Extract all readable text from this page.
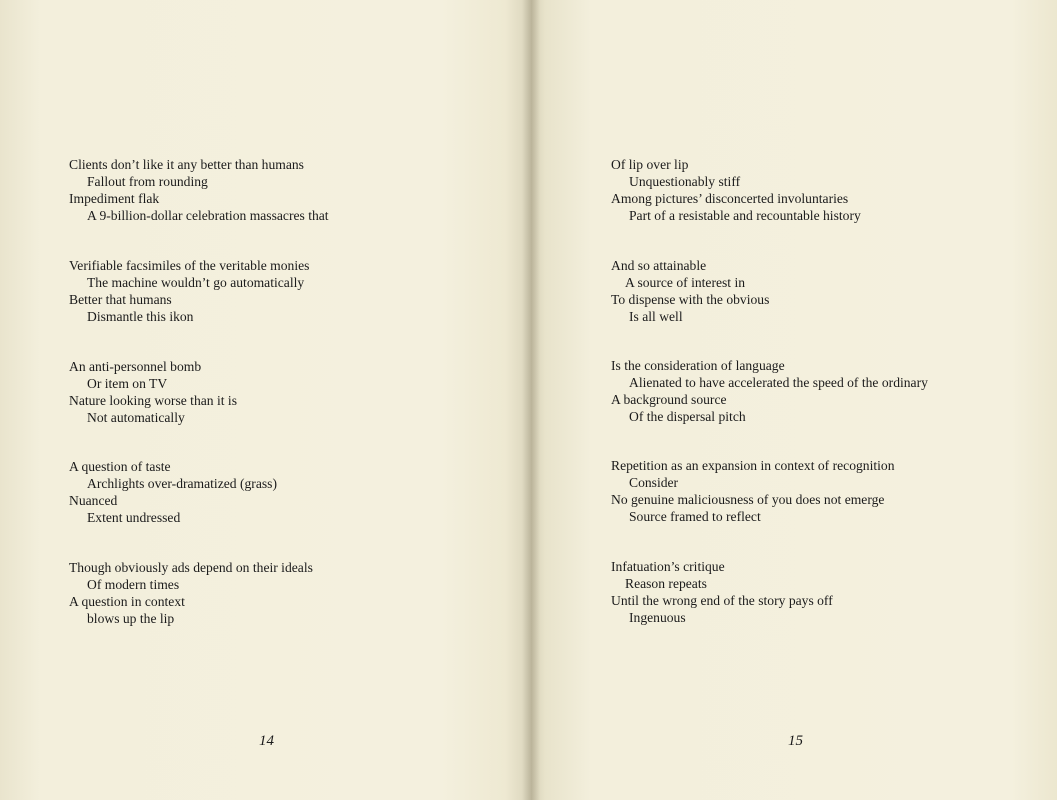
Clients don’t like it any better than humans
Fallout from rounding
Impediment flak
A 9-billion-dollar celebration massacres that
Verifiable facsimiles of the veritable monies
The machine wouldn’t go automatically
Better that humans
Dismantle this ikon
An anti-personnel bomb
Or item on TV
Nature looking worse than it is
Not automatically
A question of taste
Archlights over-dramatized (grass)
Nuanced
Extent undressed
Though obviously ads depend on their ideals
Of modern times
A question in context
blows up the lip
14
Of lip over lip
Unquestionably stiff
Among pictures’ disconcerted involuntaries
Part of a resistable and recountable history
And so attainable
A source of interest in
To dispense with the obvious
Is all well
Is the consideration of language
Alienated to have accelerated the speed of the ordinary
A background source
Of the dispersal pitch
Repetition as an expansion in context of recognition
Consider
No genuine maliciousness of you does not emerge
Source framed to reflect
Infatuation’s critique
Reason repeats
Until the wrong end of the story pays off
Ingenuous
15
